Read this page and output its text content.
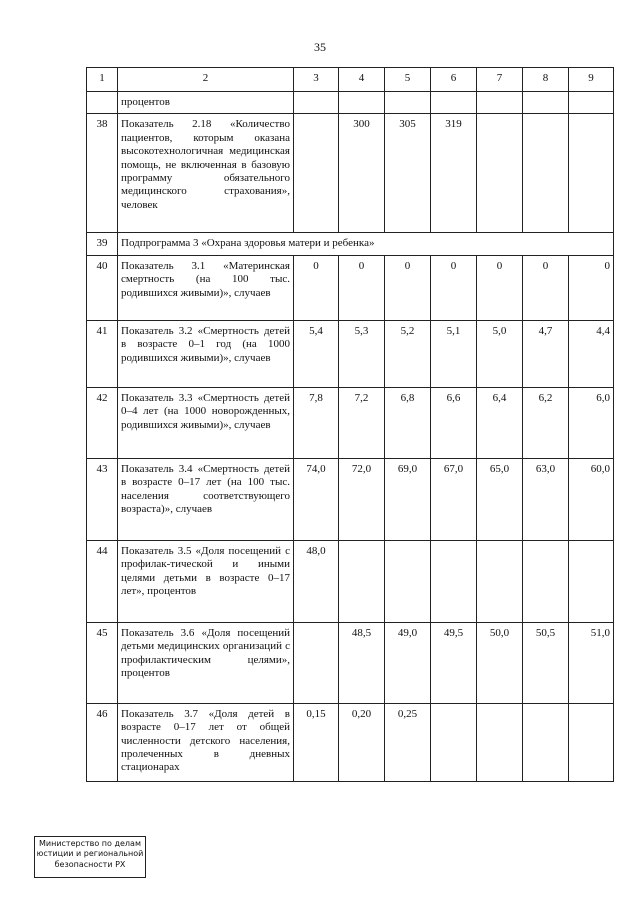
35
1	2	3	4	5	6	7	8	9
	процентов							
38	Показатель 2.18 «Количество пациентов, которым оказана высокотехнологичная медицинская помощь, не включенная в базовую программу обязательного медицинского страхования», человек		300	305	319			
39	Подпрограмма 3 «Охрана здоровья матери и ребенка»							
40	Показатель 3.1 «Материнская смертность (на 100 тыс. родившихся живыми)», случаев	0	0	0	0	0	0	0
41	Показатель 3.2 «Смертность детей в возрасте 0–1 год (на 1000 родившихся живыми)», случаев	5,4	5,3	5,2	5,1	5,0	4,7	4,4
42	Показатель 3.3 «Смертность детей 0–4 лет (на 1000 новорожденных, родившихся живыми)», случаев	7,8	7,2	6,8	6,6	6,4	6,2	6,0
43	Показатель 3.4 «Смертность детей в возрасте 0–17 лет (на 100 тыс. населения соответствующего возраста)», случаев	74,0	72,0	69,0	67,0	65,0	63,0	60,0
44	Показатель 3.5 «Доля посещений с профилак-тической и иными целями детьми в возрасте 0–17 лет», процентов	48,0						
45	Показатель 3.6 «Доля посещений детьми медицинских организаций с профилактическим целями», процентов		48,5	49,0	49,5	50,0	50,5	51,0
46	Показатель 3.7 «Доля детей в возрасте 0–17 лет от общей численности детского населения, пролеченных в дневных стационарах	0,15	0,20	0,25				
Министерство по делам
юстиции и региональной
безопасности РХ
